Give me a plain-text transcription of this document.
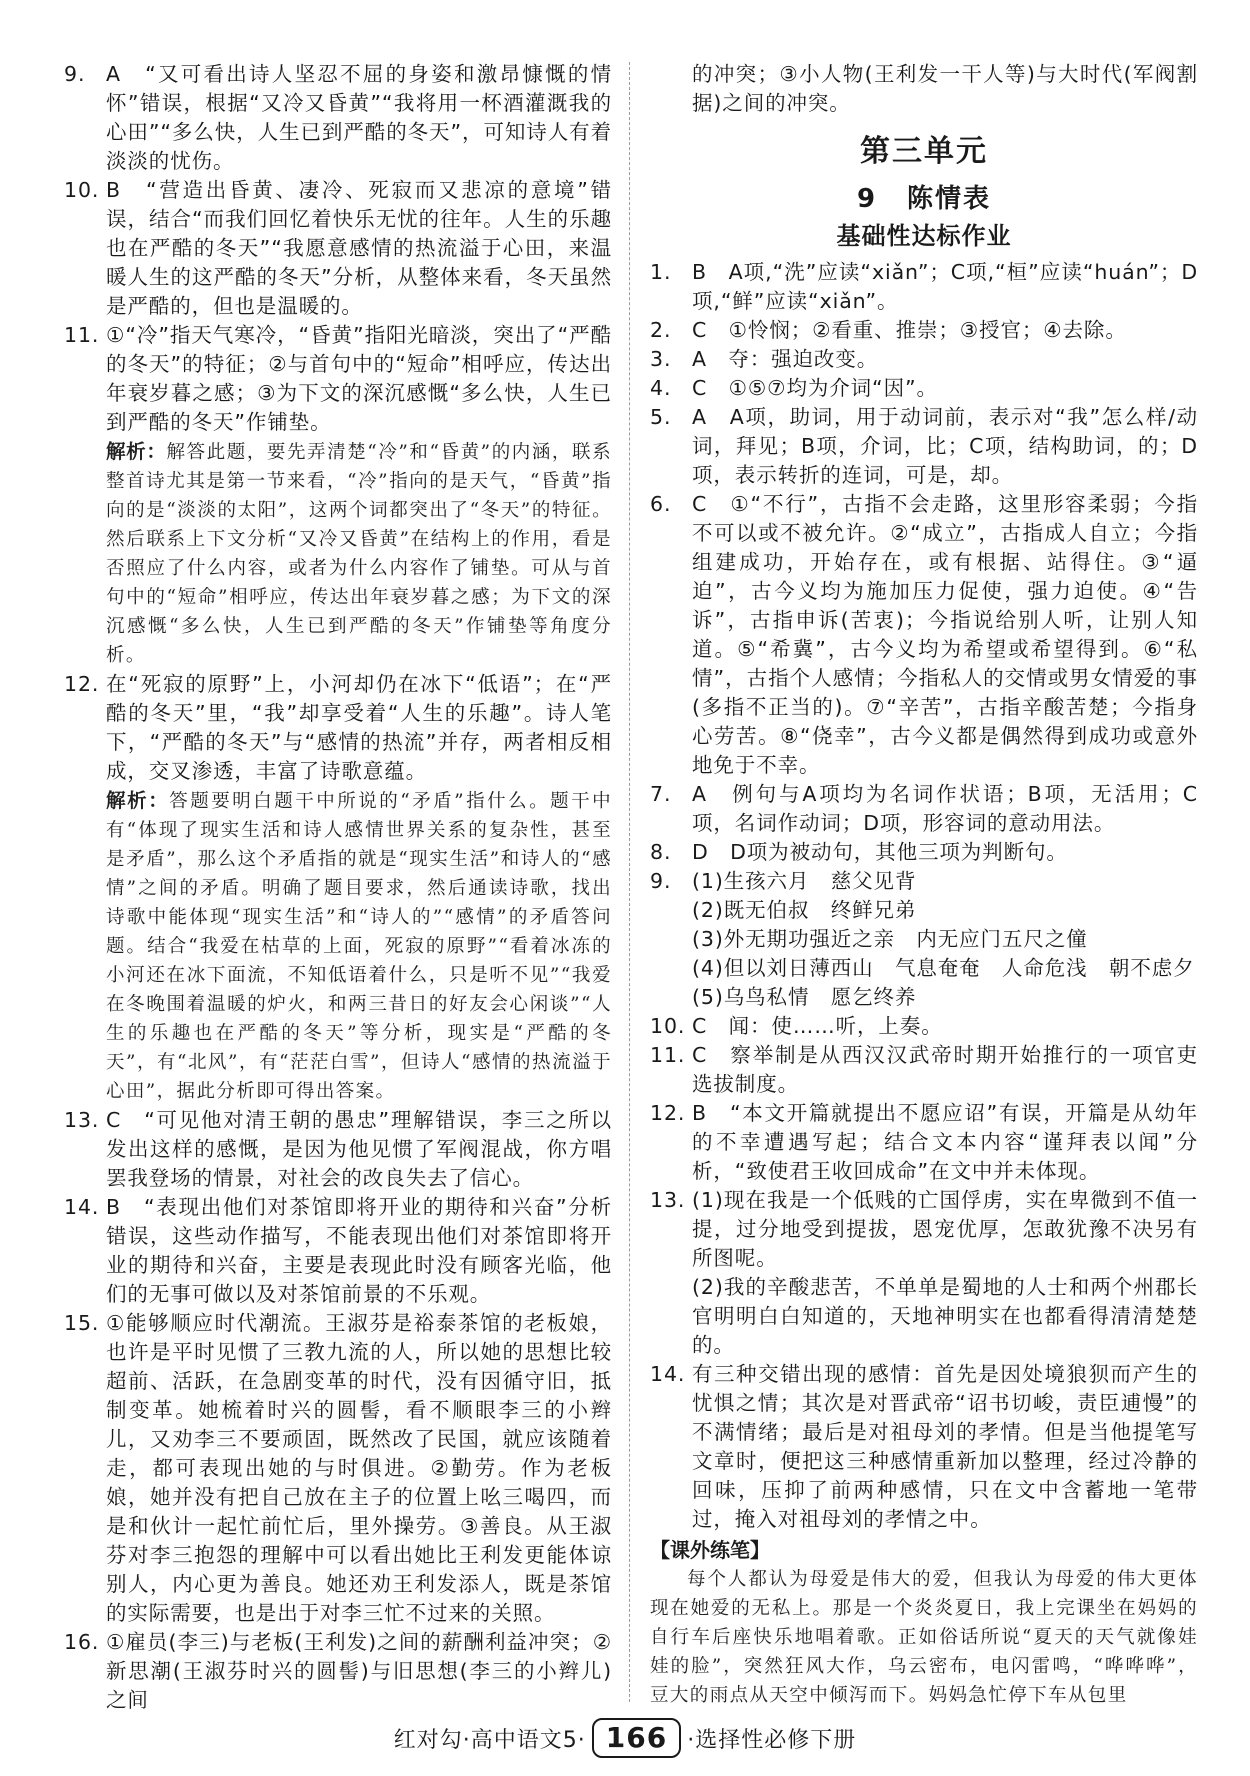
9.	A　“又可看出诗人坚忍不屈的身姿和激昂慷慨的情怀”错误，根据“又冷又昏黄”“我将用一杯酒灌溉我的心田”“多么快，人生已到严酷的冬天”，可知诗人有着淡淡的忧伤。
10. B　“营造出昏黄、凄冷、死寂而又悲凉的意境”错误，结合“而我们回忆着快乐无忧的往年。人生的乐趣也在严酷的冬天”“我愿意感情的热流溢于心田，来温暖人生的这严酷的冬天”分析，从整体来看，冬天虽然是严酷的，但也是温暖的。
11. ①“冷”指天气寒冷，“昏黄”指阳光暗淡，突出了“严酷的冬天”的特征；②与首句中的“短命”相呼应，传达出年衰岁暮之感；③为下文的深沉感慨“多么快，人生已到严酷的冬天”作铺垫。
解析：解答此题，要先弄清楚“冷”和“昏黄”的内涵，联系整首诗尤其是第一节来看，“冷”指向的是天气，“昏黄”指向的是“淡淡的太阳”，这两个词都突出了“冬天”的特征。然后联系上下文分析“又冷又昏黄”在结构上的作用，看是否照应了什么内容，或者为什么内容作了铺垫。可从与首句中的“短命”相呼应，传达出年衰岁暮之感；为下文的深沉感慨“多么快，人生已到严酷的冬天”作铺垫等角度分析。
12. 在“死寂的原野”上，小河却仍在冰下“低语”；在“严酷的冬天”里，“我”却享受着“人生的乐趣”。诗人笔下，“严酷的冬天”与“感情的热流”并存，两者相反相成，交叉渗透，丰富了诗歌意蕴。
解析：答题要明白题干中所说的“矛盾”指什么。题干中有“体现了现实生活和诗人感情世界关系的复杂性，甚至是矛盾”，那么这个矛盾指的就是“现实生活”和诗人的“感情”之间的矛盾。明确了题目要求，然后通读诗歌，找出诗歌中能体现“现实生活”和“诗人的”“感情”的矛盾答问题。结合“我爱在枯草的上面，死寂的原野”“看着冰冻的小河还在冰下面流，不知低语着什么，只是听不见”“我爱在冬晚围着温暖的炉火，和两三昔日的好友会心闲谈”“人生的乐趣也在严酷的冬天”等分析，现实是“严酷的冬天”，有“北风”，有“茫茫白雪”，但诗人“感情的热流溢于心田”，据此分析即可得出答案。
13. C　“可见他对清王朝的愚忠”理解错误，李三之所以发出这样的感慨，是因为他见惯了军阀混战，你方唱罢我登场的情景，对社会的改良失去了信心。
14. B　“表现出他们对茶馆即将开业的期待和兴奋”分析错误，这些动作描写，不能表现出他们对茶馆即将开业的期待和兴奋，主要是表现此时没有顾客光临，他们的无事可做以及对茶馆前景的不乐观。
15. ①能够顺应时代潮流。王淑芬是裕泰茶馆的老板娘，也许是平时见惯了三教九流的人，所以她的思想比较超前、活跃，在急剧变革的时代，没有因循守旧，抵制变革。她梳着时兴的圆髻，看不顺眼李三的小辫儿，又劝李三不要顽固，既然改了民国，就应该随着走，都可表现出她的与时俱进。②勤劳。作为老板娘，她并没有把自己放在主子的位置上吆三喝四，而是和伙计一起忙前忙后，里外操劳。③善良。从王淑芬对李三抱怨的理解中可以看出她比王利发更能体谅别人，内心更为善良。她还劝王利发添人，既是茶馆的实际需要，也是出于对李三忙不过来的关照。
16. ①雇员(李三)与老板(王利发)之间的薪酬利益冲突；②新思潮(王淑芬时兴的圆髻)与旧思想(李三的小辫儿)之间
的冲突；③小人物(王利发一干人等)与大时代(军阀割据)之间的冲突。
第三单元
9 陈情表
基础性达标作业
1.	B　A项,“洗”应读“xiǎn”；C项,“桓”应读“huán”；D项,“鲜”应读“xiǎn”。
2.	C　①怜悯；②看重、推崇；③授官；④去除。
3.	A　夺：强迫改变。
4.	C　①⑤⑦均为介词“因”。
5.	A　A项，助词，用于动词前，表示对“我”怎么样/动词，拜见；B项，介词，比；C项，结构助词，的；D项，表示转折的连词，可是，却。
6.	C　①“不行”，古指不会走路，这里形容柔弱；今指不可以或不被允许。②“成立”，古指成人自立；今指组建成功，开始存在，或有根据、站得住。③“逼迫”，古今义均为施加压力促使，强力迫使。④“告诉”，古指申诉(苦衷)；今指说给别人听，让别人知道。⑤“希冀”，古今义均为希望或希望得到。⑥“私情”，古指个人感情；今指私人的交情或男女情爱的事(多指不正当的)。⑦“辛苦”，古指辛酸苦楚；今指身心劳苦。⑧“侥幸”，古今义都是偶然得到成功或意外地免于不幸。
7.	A　例句与A项均为名词作状语；B项，无活用；C项，名词作动词；D项，形容词的意动用法。
8.	D　D项为被动句，其他三项为判断句。
9.	(1)生孩六月　慈父见背
(2)既无伯叔　终鲜兄弟
(3)外无期功强近之亲　内无应门五尺之僮
(4)但以刘日薄西山　气息奄奄　人命危浅　朝不虑夕
(5)乌鸟私情　愿乞终养
10. C　闻：使……听，上奏。
11. C　察举制是从西汉汉武帝时期开始推行的一项官吏选拔制度。
12. B　“本文开篇就提出不愿应诏”有误，开篇是从幼年的不幸遭遇写起；结合文本内容“谨拜表以闻”分析，“致使君王收回成命”在文中并未体现。
13. (1)现在我是一个低贱的亡国俘虏，实在卑微到不值一提，过分地受到提拔，恩宠优厚，怎敢犹豫不决另有所图呢。
(2)我的辛酸悲苦，不单单是蜀地的人士和两个州郡长官明明白白知道的，天地神明实在也都看得清清楚楚的。
14. 有三种交错出现的感情：首先是因处境狼狈而产生的忧惧之情；其次是对晋武帝“诏书切峻，责臣逋慢”的不满情绪；最后是对祖母刘的孝情。但是当他提笔写文章时，便把这三种感情重新加以整理，经过冷静的回味，压抑了前两种感情，只在文中含蓄地一笔带过，掩入对祖母刘的孝情之中。
【课外练笔】
每个人都认为母爱是伟大的爱，但我认为母爱的伟大更体现在她爱的无私上。那是一个炎炎夏日，我上完课坐在妈妈的自行车后座快乐地唱着歌。正如俗话所说“夏天的天气就像娃娃的脸”，突然狂风大作，乌云密布，电闪雷鸣，“哗哗哗”，豆大的雨点从天空中倾泻而下。妈妈急忙停下车从包里
红对勾·高中语文5· 166 ·选择性必修下册
